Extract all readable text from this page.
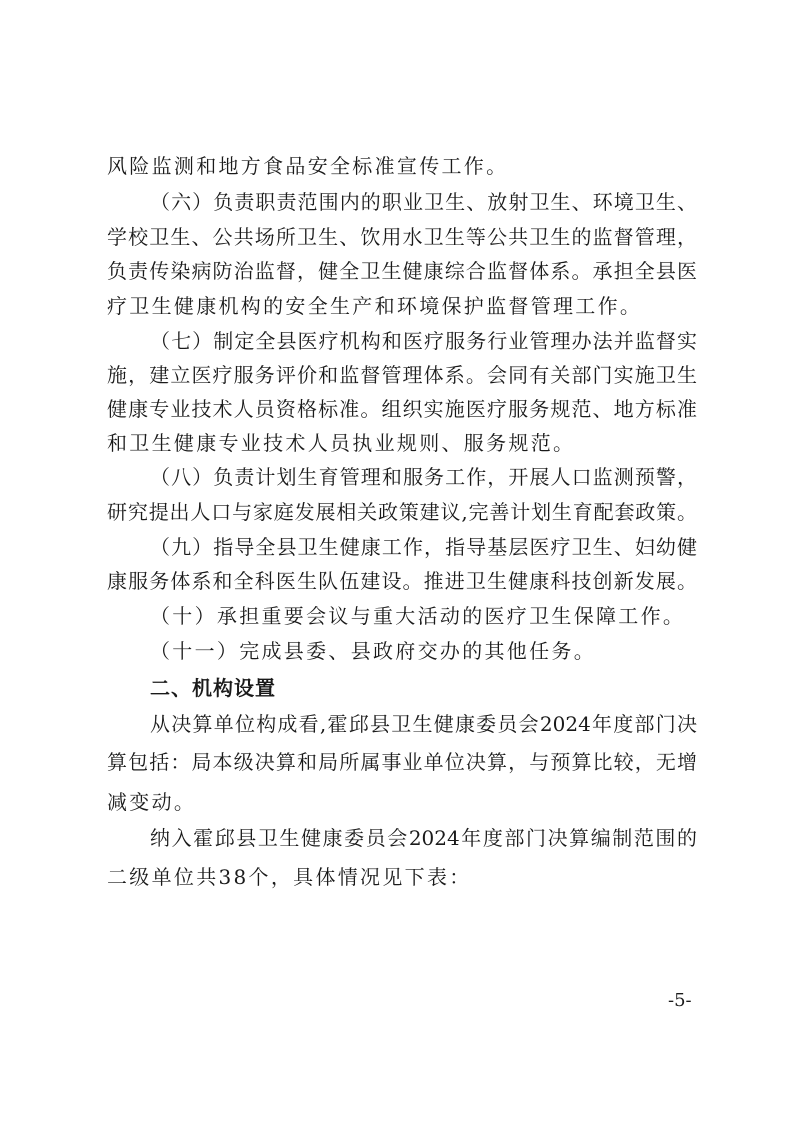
风险监测和地方食品安全标准宣传工作。
（六）负责职责范围内的职业卫生、放射卫生、环境卫生、
学校卫生、公共场所卫生、饮用水卫生等公共卫生的监督管理，
负责传染病防治监督，健全卫生健康综合监督体系。承担全县医
疗卫生健康机构的安全生产和环境保护监督管理工作。
（七）制定全县医疗机构和医疗服务行业管理办法并监督实
施，建立医疗服务评价和监督管理体系。会同有关部门实施卫生
健康专业技术人员资格标准。组织实施医疗服务规范、地方标准
和卫生健康专业技术人员执业规则、服务规范。
（八）负责计划生育管理和服务工作，开展人口监测预警，
研究提出人口与家庭发展相关政策建议,完善计划生育配套政策。
（九）指导全县卫生健康工作，指导基层医疗卫生、妇幼健
康服务体系和全科医生队伍建设。推进卫生健康科技创新发展。
（十）承担重要会议与重大活动的医疗卫生保障工作。
（十一）完成县委、县政府交办的其他任务。
二、机构设置
从决算单位构成看,霍邱县卫生健康委员会2024年度部门决
算包括：局本级决算和局所属事业单位决算，与预算比较，无增
减变动。
纳入霍邱县卫生健康委员会2024年度部门决算编制范围的
二级单位共38个，具体情况见下表：
-5-
